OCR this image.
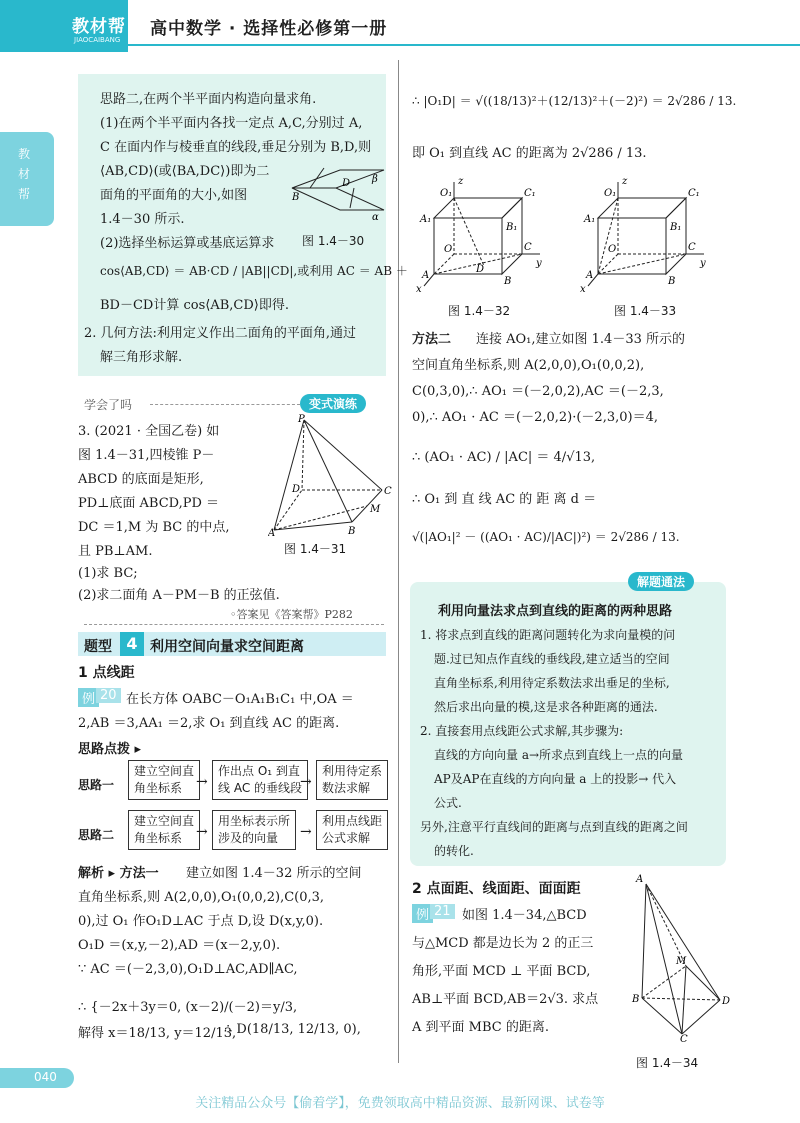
教材帮
JIAOCAIBANG
高中数学 · 选择性必修第一册
教材帮
思路二,在两个半平面内构造向量求角.
(1)在两个半平面内各找一定点 A,C,分别过 A,
C 在面内作与棱垂直的线段,垂足分别为 B,D,则
⟨AB,CD⟩(或⟨BA,DC⟩)即为二
面角的平面角的大小,如图
1.4－30 所示.
(2)选择坐标运算或基底运算求
cos⟨AB,CD⟩ ＝ AB·CD / |AB||CD|,或利用 AC ＝ AB ＋
BD－CD计算 cos⟨AB,CD⟩即得.
2. 几何方法:利用定义作出二面角的平面角,通过
解三角形求解.
B
D β
α
图 1.4－30
学会了吗	变式演练
3. (2021 · 全国乙卷) 如
图 1.4－31,四棱锥 P－
ABCD 的底面是矩形,
PD⊥底面 ABCD,PD ＝
DC ＝1,M 为 BC 的中点,
且 PB⊥AM.
(1)求 BC;
(2)求二面角 A－PM－B 的正弦值.
◦答案见《答案帮》P282
P
A	B
C
D
M
图 1.4－31
题型 4 利用空间向量求空间距离
1 点线距
例 20 在长方体 OABC－O₁A₁B₁C₁ 中,OA ＝
2,AB ＝3,AA₁ ＝2,求 O₁ 到直线 AC 的距离.
思路点拨 ▸
思路一
建立空间直
角坐标系 →
作出点 O₁ 到直
线 AC 的垂线段
→
利用待定系
数法求解
思路二
建立空间直
角坐标系 →
用坐标表示所
涉及的向量	→
利用点线距
公式求解
解析 ▸ 方法一 建立如图 1.4－32 所示的空间
直角坐标系,则 A(2,0,0),O₁(0,0,2),C(0,3,
0),过 O₁ 作O₁D⊥AC 于点 D,设 D(x,y,0).
O₁D ＝(x,y,－2),AD ＝(x－2,y,0).
∵ AC ＝(－2,3,0),O₁D⊥AC,AD∥AC,
∴ {－2x＋3y＝0, (x－2)/(－2)＝y/3,
解得 x＝18/13, y＝12/13,
∴ D(18/13, 12/13, 0),
∴ |O₁D| ＝ √((18/13)²＋(12/13)²＋(－2)²) ＝ 2√286 / 13.
即 O₁ 到直线 AC 的距离为 2√286 / 13.
z
y
x
O₁	C₁
A₁
B₁
O	C
A
B
D
图 1.4－32
z
y
x
O₁	C₁
A₁
B₁
O	C
A
B
图 1.4－33
方法二 连接 AO₁,建立如图 1.4－33 所示的
空间直角坐标系,则 A(2,0,0),O₁(0,0,2),
C(0,3,0),∴ AO₁ ＝(－2,0,2),AC ＝(－2,3,
0),∴ AO₁ · AC ＝(－2,0,2)·(－2,3,0)＝4,
∴ (AO₁ · AC) / |AC| ＝ 4/√13,
∴ O₁ 到 直 线 AC 的 距 离 d ＝
√(|AO₁|² － ((AO₁ · AC)/|AC|)²) ＝ 2√286 / 13.
解题通法
利用向量法求点到直线的距离的两种思路
1. 将求点到直线的距离问题转化为求向量模的问
题.过已知点作直线的垂线段,建立适当的空间
直角坐标系,利用待定系数法求出垂足的坐标,
然后求出向量的模,这是求各种距离的通法.
2. 直接套用点线距公式求解,其步骤为:
直线的方向向量 a→所求点到直线上一点的向量
AP及AP在直线的方向向量 a 上的投影→ 代入
公式.
另外,注意平行直线间的距离与点到直线的距离之间
的转化.
2 点面距、线面距、面面距
例 21 如图 1.4－34,△BCD
与△MCD 都是边长为 2 的正三
角形,平面 MCD ⊥ 平面 BCD,
AB⊥平面 BCD,AB＝2√3. 求点
A 到平面 MBC 的距离.
A
B	D
C
M
图 1.4－34
040
关注精品公众号【偷着学】，免费领取高中精品资源、最新网课、试卷等
